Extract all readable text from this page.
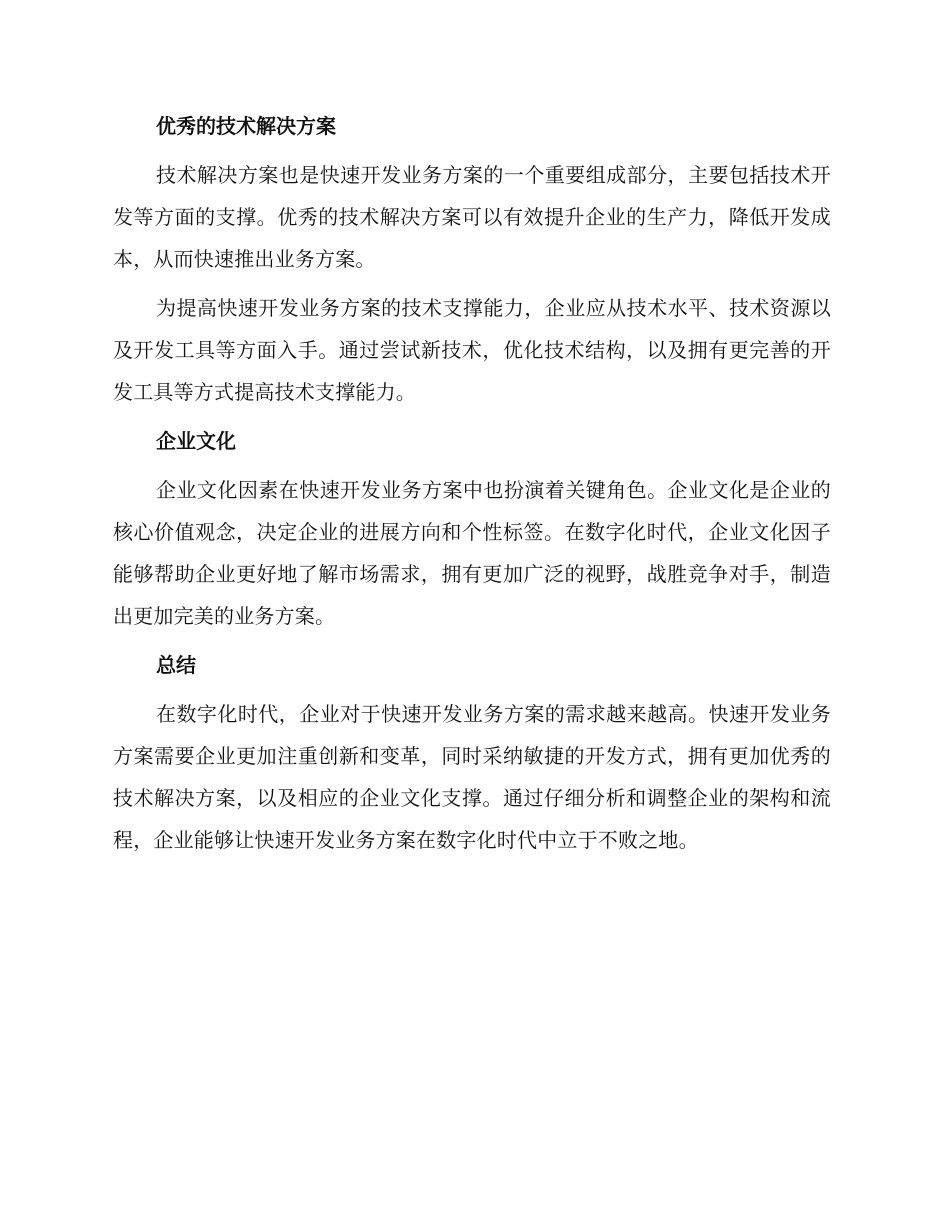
优秀的技术解决方案

技术解决方案也是快速开发业务方案的一个重要组成部分，主要包括技术开发等方面的支撑。优秀的技术解决方案可以有效提升企业的生产力，降低开发成本，从而快速推出业务方案。

为提高快速开发业务方案的技术支撑能力，企业应从技术水平、技术资源以及开发工具等方面入手。通过尝试新技术，优化技术结构，以及拥有更完善的开发工具等方式提高技术支撑能力。

企业文化

企业文化因素在快速开发业务方案中也扮演着关键角色。企业文化是企业的核心价值观念，决定企业的进展方向和个性标签。在数字化时代，企业文化因子能够帮助企业更好地了解市场需求，拥有更加广泛的视野，战胜竞争对手，制造出更加完美的业务方案。

总结

在数字化时代，企业对于快速开发业务方案的需求越来越高。快速开发业务方案需要企业更加注重创新和变革，同时采纳敏捷的开发方式，拥有更加优秀的技术解决方案，以及相应的企业文化支撑。通过仔细分析和调整企业的架构和流程，企业能够让快速开发业务方案在数字化时代中立于不败之地。
